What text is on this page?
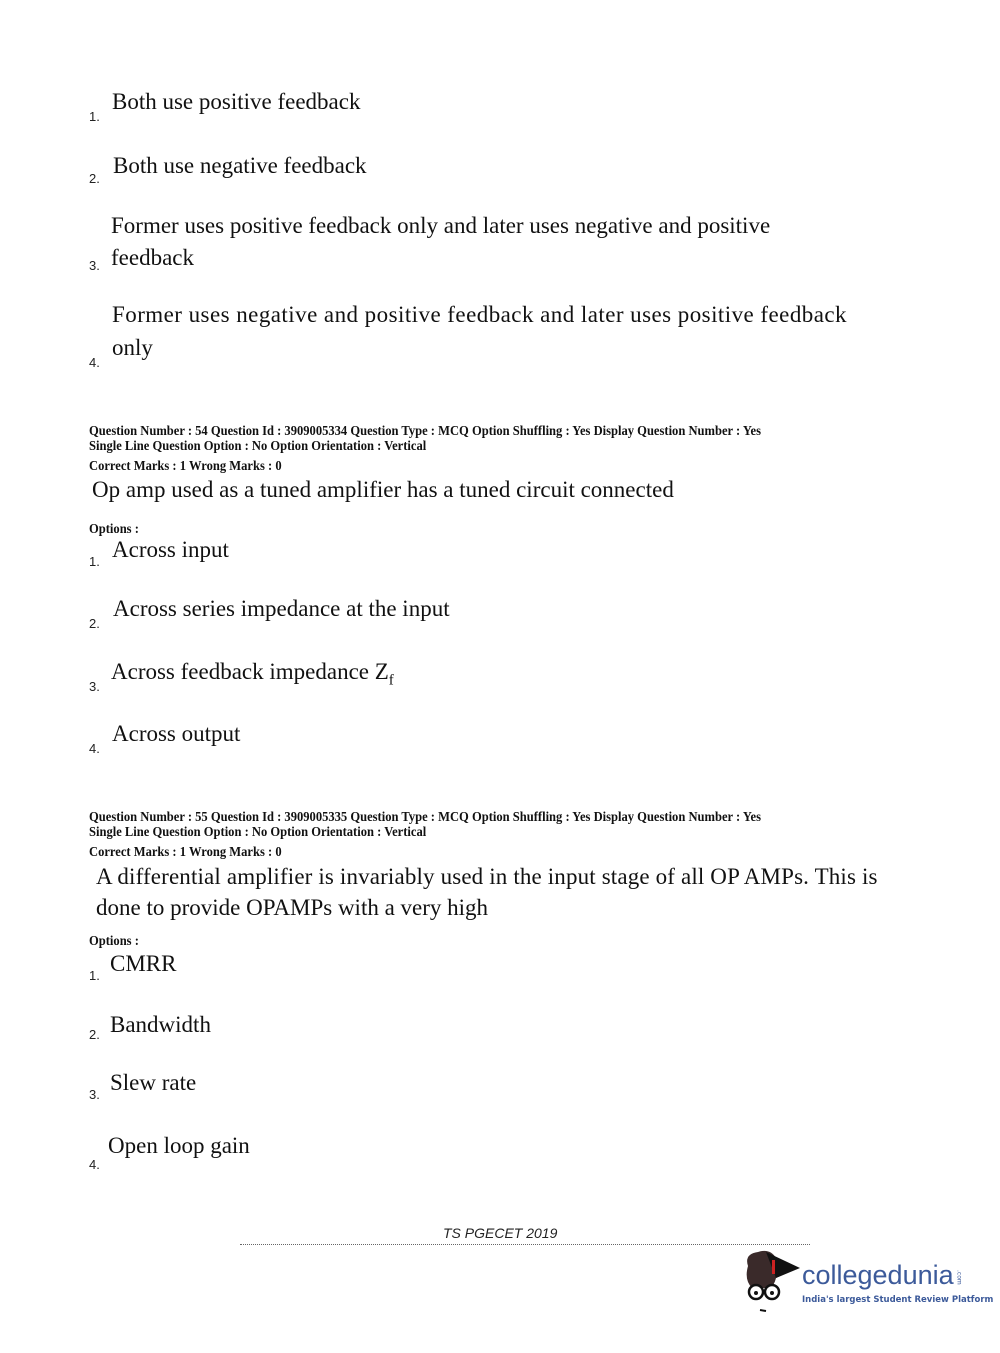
1.
Both use positive feedback
2.
Both use negative feedback
Former uses positive feedback only and later uses negative and positive
3. feedback
Former uses negative and positive feedback and later uses positive feedback
4.
only
Question Number : 54 Question Id : 3909005334 Question Type : MCQ Option Shuffling : Yes Display Question Number : Yes
Single Line Question Option : No Option Orientation : Vertical
Correct Marks : 1 Wrong Marks : 0
Op amp used as a tuned amplifier has a tuned circuit connected
Options :
1. Across input
2.
Across series impedance at the input
3.
Across feedback impedance $Z_f$
4.
Across output
Question Number : 55 Question Id : 3909005335 Question Type : MCQ Option Shuffling : Yes Display Question Number : Yes
Single Line Question Option : No Option Orientation : Vertical
Correct Marks : 1 Wrong Marks : 0
A differential amplifier is invariably used in the input stage of all OP AMPs. This is
done to provide OPAMPs with a very high
Options :
1. CMRR
2. Bandwidth
3. Slew rate
4.
Open loop gain
TS PGECET 2019
collegedunia .com
India's largest Student Review Platform
